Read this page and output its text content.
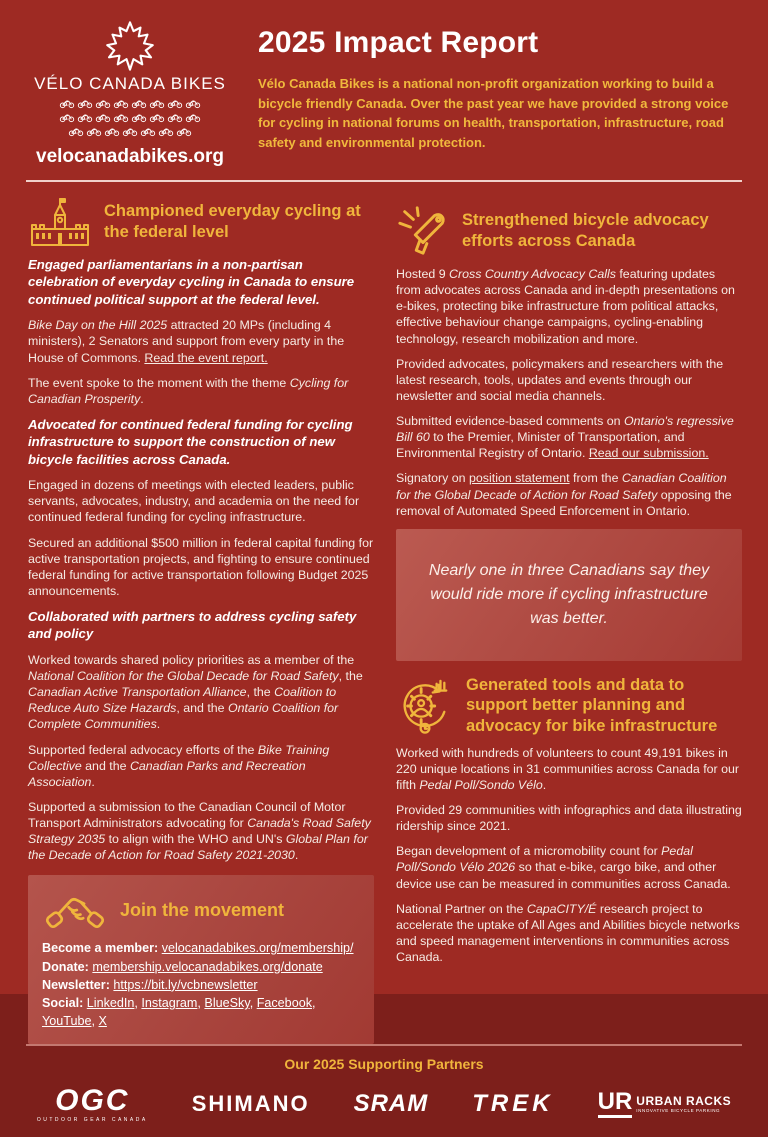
VÉLO CANADA BIKES
velocanadabikes.org
2025 Impact Report
Vélo Canada Bikes is a national non-profit organization working to build a bicycle friendly Canada. Over the past year we have provided a strong voice for cycling in national forums on health, transportation, infrastructure, road safety and environmental protection.
Championed everyday cycling at the federal level

Engaged parliamentarians in a non-partisan celebration of everyday cycling in Canada to ensure continued political support at the federal level.

Bike Day on the Hill 2025 attracted 20 MPs (including 4 ministers), 2 Senators and support from every party in the House of Commons. Read the event report.

The event spoke to the moment with the theme Cycling for Canadian Prosperity.

Advocated for continued federal funding for cycling infrastructure to support the construction of new bicycle facilities across Canada.

Engaged in dozens of meetings with elected leaders, public servants, advocates, industry, and academia on the need for continued federal funding for cycling infrastructure.

Secured an additional $500 million in federal capital funding for active transportation projects, and fighting to ensure continued federal funding for active transportation following Budget 2025 announcements.

Collaborated with partners to address cycling safety and policy

Worked towards shared policy priorities as a member of the National Coalition for the Global Decade for Road Safety, the Canadian Active Transportation Alliance, the Coalition to Reduce Auto Size Hazards, and the Ontario Coalition for Complete Communities.

Supported federal advocacy efforts of the Bike Training Collective and the Canadian Parks and Recreation Association.

Supported a submission to the Canadian Council of Motor Transport Administrators advocating for Canada's Road Safety Strategy 2035 to align with the WHO and UN's Global Plan for the Decade of Action for Road Safety 2021-2030.

Join the movement
Become a member: velocanadabikes.org/membership/
Donate: membership.velocanadabikes.org/donate
Newsletter: https://bit.ly/vcbnewsletter
Social: LinkedIn, Instagram, BlueSky, Facebook, YouTube, X
Strengthened bicycle advocacy efforts across Canada

Hosted 9 Cross Country Advocacy Calls featuring updates from advocates across Canada and in-depth presentations on e-bikes, protecting bike infrastructure from political attacks, effective behaviour change campaigns, cycling-enabling technology, research mobilization and more.

Provided advocates, policymakers and researchers with the latest research, tools, updates and events through our newsletter and social media channels.

Submitted evidence-based comments on Ontario's regressive Bill 60 to the Premier, Minister of Transportation, and Environmental Registry of Ontario. Read our submission.

Signatory on position statement from the Canadian Coalition for the Global Decade of Action for Road Safety opposing the removal of Automated Speed Enforcement in Ontario.

Nearly one in three Canadians say they would ride more if cycling infrastructure was better.
Generated tools and data to support better planning and advocacy for bike infrastructure

Worked with hundreds of volunteers to count 49,191 bikes in 220 unique locations in 31 communities across Canada for our fifth Pedal Poll/Sondo Vélo.

Provided 29 communities with infographics and data illustrating ridership since 2021.

Began development of a micromobility count for Pedal Poll/Sondo Vélo 2026 so that e-bike, cargo bike, and other device use can be measured in communities across Canada.

National Partner on the CapaCITY/É research project to accelerate the uptake of All Ages and Abilities bicycle networks and speed management interventions in communities across Canada.

Our 2025 Supporting Partners
OGC
OUTDOOR GEAR CANADA
SHIMANO SRAM TREK UR URBAN RACKS
INNOVATIVE BICYCLE PARKING
